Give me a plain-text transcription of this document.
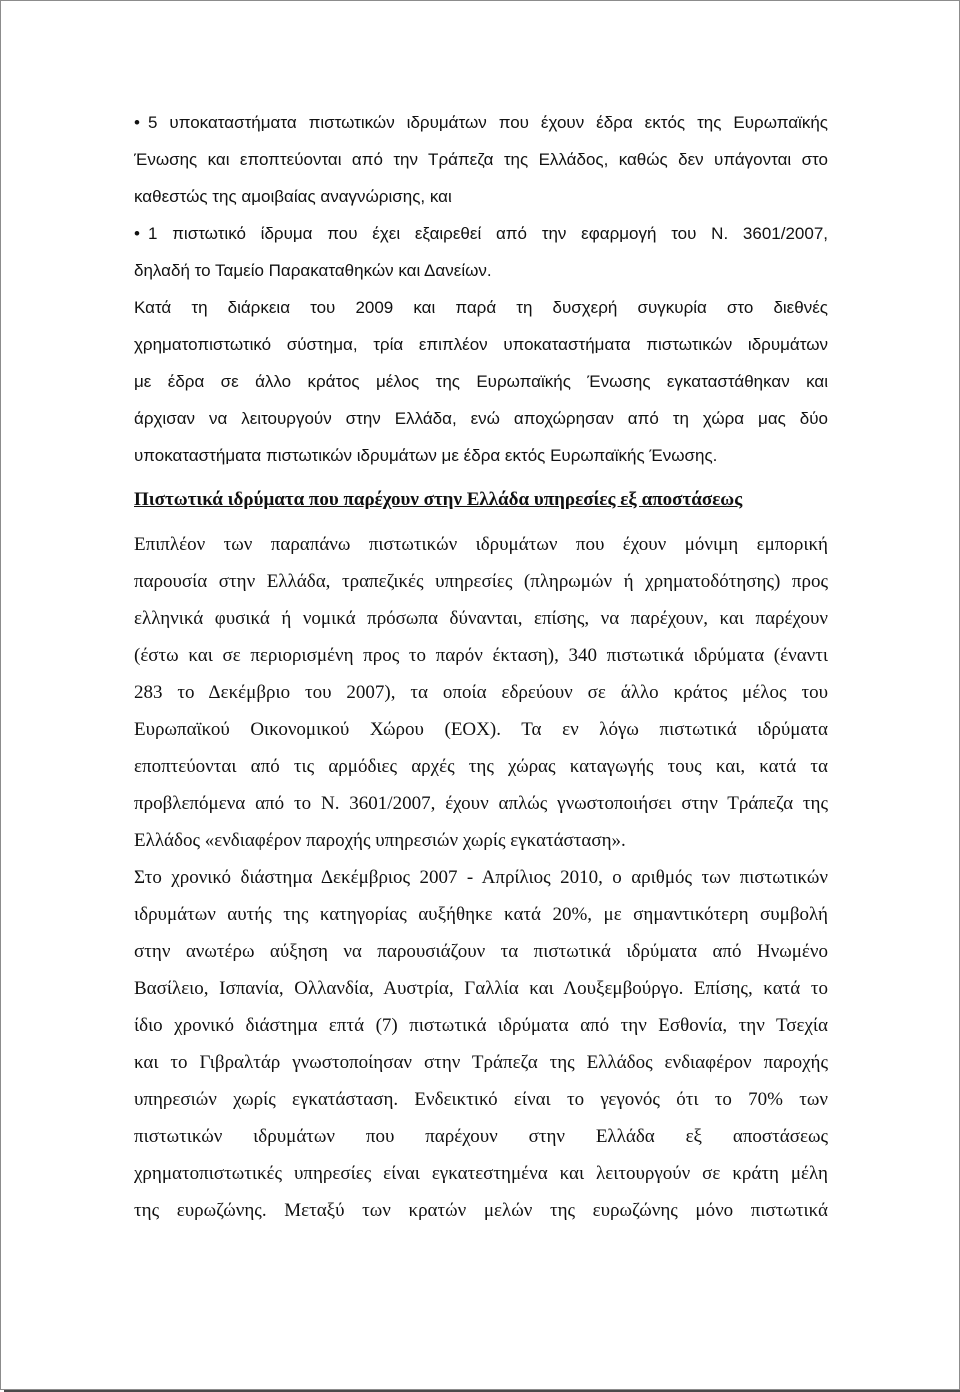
• 5 υποκαταστήματα πιστωτικών ιδρυμάτων που έχουν έδρα εκτός της Ευρωπαϊκής
Ένωσης και εποπτεύονται από την Τράπεζα της Ελλάδος, καθώς δεν υπάγονται στο
καθεστώς της αμοιβαίας αναγνώρισης, και
• 1 πιστωτικό ίδρυμα που έχει εξαιρεθεί από την εφαρμογή του Ν. 3601/2007,
δηλαδή το Ταμείο Παρακαταθηκών και Δανείων.
Κατά τη διάρκεια του 2009 και παρά τη δυσχερή συγκυρία στο διεθνές
χρηματοπιστωτικό σύστημα, τρία επιπλέον υποκαταστήματα πιστωτικών ιδρυμάτων
με έδρα σε άλλο κράτος μέλος της Ευρωπαϊκής Ένωσης εγκαταστάθηκαν και
άρχισαν να λειτουργούν στην Ελλάδα, ενώ αποχώρησαν από τη χώρα μας δύο
υποκαταστήματα πιστωτικών ιδρυμάτων με έδρα εκτός Ευρωπαϊκής Ένωσης.
Πιστωτικά ιδρύματα που παρέχουν στην Ελλάδα υπηρεσίες εξ αποστάσεως
Επιπλέον των παραπάνω πιστωτικών ιδρυμάτων που έχουν μόνιμη εμπορική
παρουσία στην Ελλάδα, τραπεζικές υπηρεσίες (πληρωμών ή χρηματοδότησης) προς
ελληνικά φυσικά ή νομικά πρόσωπα δύνανται, επίσης, να παρέχουν, και παρέχουν
(έστω και σε περιορισμένη προς το παρόν έκταση), 340 πιστωτικά ιδρύματα (έναντι
283 το Δεκέμβριο του 2007), τα οποία εδρεύουν σε άλλο κράτος μέλος του
Ευρωπαϊκού Οικονομικού Χώρου (ΕΟΧ). Τα εν λόγω πιστωτικά ιδρύματα
εποπτεύονται από τις αρμόδιες αρχές της χώρας καταγωγής τους και, κατά τα
προβλεπόμενα από το Ν. 3601/2007, έχουν απλώς γνωστοποιήσει στην Τράπεζα της
Ελλάδος «ενδιαφέρον παροχής υπηρεσιών χωρίς εγκατάσταση».
Στο χρονικό διάστημα Δεκέμβριος 2007 - Απρίλιος 2010, ο αριθμός των πιστωτικών
ιδρυμάτων αυτής της κατηγορίας αυξήθηκε κατά 20%, με σημαντικότερη συμβολή
στην ανωτέρω αύξηση να παρουσιάζουν τα πιστωτικά ιδρύματα από Ηνωμένο
Βασίλειο, Ισπανία, Ολλανδία, Αυστρία, Γαλλία και Λουξεμβούργο. Επίσης, κατά το
ίδιο χρονικό διάστημα επτά (7) πιστωτικά ιδρύματα από την Εσθονία, την Τσεχία
και το Γιβραλτάρ γνωστοποίησαν στην Τράπεζα της Ελλάδος ενδιαφέρον παροχής
υπηρεσιών χωρίς εγκατάσταση. Ενδεικτικό είναι το γεγονός ότι το 70% των
πιστωτικών ιδρυμάτων που παρέχουν στην Ελλάδα εξ αποστάσεως
χρηματοπιστωτικές υπηρεσίες είναι εγκατεστημένα και λειτουργούν σε κράτη μέλη
της ευρωζώνης. Μεταξύ των κρατών μελών της ευρωζώνης μόνο πιστωτικά
